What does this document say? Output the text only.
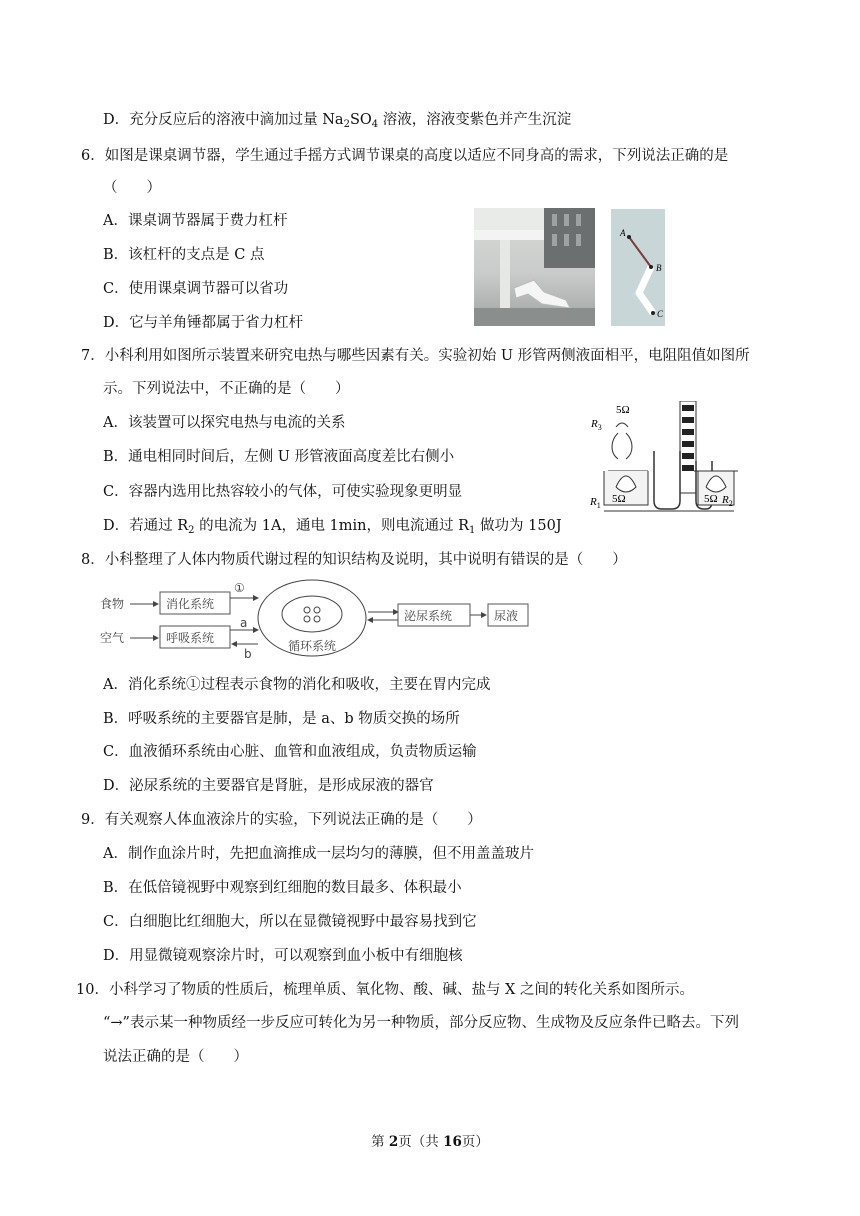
D．充分反应后的溶液中滴加过量 $Na_2SO_4$ 溶液，溶液变紫色并产生沉淀
6．如图是课桌调节器，学生通过手摇方式调节课桌的高度以适应不同身高的需求，下列说法正确的是
（　　）
A．课桌调节器属于费力杠杆
B．该杠杆的支点是 C 点
C．使用课桌调节器可以省功
D．它与羊角锤都属于省力杠杆
A
B
C
7．小科利用如图所示装置来研究电热与哪些因素有关。实验初始 U 形管两侧液面相平，电阻阻值如图所
示。下列说法中，不正确的是（　　）
A．该装置可以探究电热与电流的关系
B．通电相同时间后，左侧 U 形管液面高度差比右侧小
C．容器内选用比热容较小的气体，可使实验现象更明显
D．若通过 $R_2$ 的电流为 1A，通电 1min，则电流通过 $R_1$ 做功为 150J
$R_3$
5Ω
$R_1$
5Ω	5Ω $R_2$
8．小科整理了人体内物质代谢过程的知识结构及说明，其中说明有错误的是（　　）
食物
空气
消化系统
呼吸系统
①
a
b
循环系统
泌尿系统	尿液
A．消化系统①过程表示食物的消化和吸收，主要在胃内完成
B．呼吸系统的主要器官是肺，是 a、b 物质交换的场所
C．血液循环系统由心脏、血管和血液组成，负责物质运输
D．泌尿系统的主要器官是肾脏，是形成尿液的器官
9．有关观察人体血液涂片的实验，下列说法正确的是（　　）
A．制作血涂片时，先把血滴推成一层均匀的薄膜，但不用盖盖玻片
B．在低倍镜视野中观察到红细胞的数目最多、体积最小
C．白细胞比红细胞大，所以在显微镜视野中最容易找到它
D．用显微镜观察涂片时，可以观察到血小板中有细胞核
10．小科学习了物质的性质后，梳理单质、氧化物、酸、碱、盐与 X 之间的转化关系如图所示。
“→”表示某一种物质经一步反应可转化为另一种物质，部分反应物、生成物及反应条件已略去。下列
说法正确的是（　　）
第 2页（共 16页）
